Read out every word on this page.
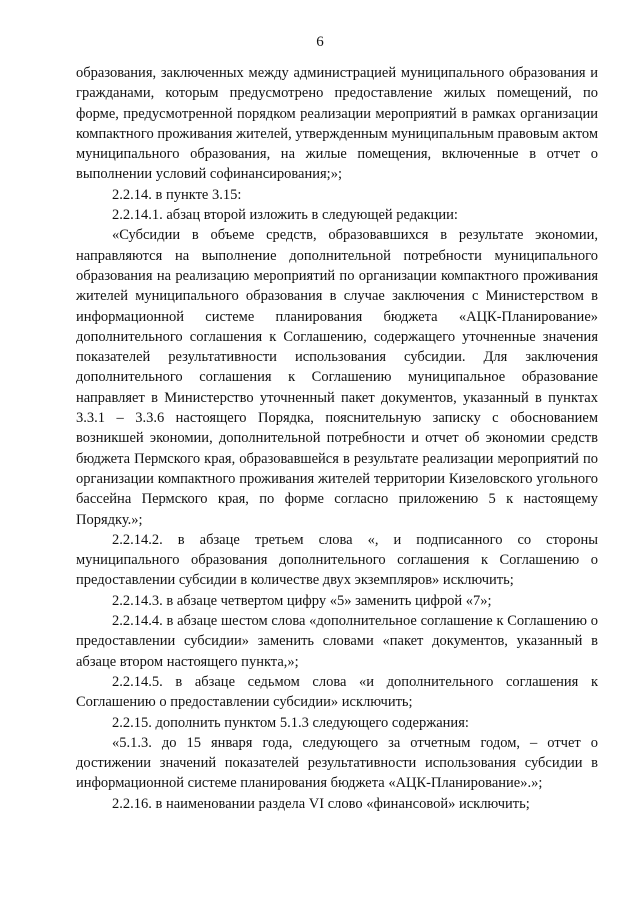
6

образования, заключенных между администрацией муниципального образования и гражданами, которым предусмотрено предоставление жилых помещений, по форме, предусмотренной порядком реализации мероприятий в рамках организации компактного проживания жителей, утвержденным муниципальным правовым актом муниципального образования, на жилые помещения, включенные в отчет о выполнении условий софинансирования;»;

2.2.14. в пункте 3.15:

2.2.14.1. абзац второй изложить в следующей редакции:

«Субсидии в объеме средств, образовавшихся в результате экономии, направляются на выполнение дополнительной потребности муниципального образования на реализацию мероприятий по организации компактного проживания жителей муниципального образования в случае заключения с Министерством в информационной системе планирования бюджета «АЦК-Планирование» дополнительного соглашения к Соглашению, содержащего уточненные значения показателей результативности использования субсидии. Для заключения дополнительного соглашения к Соглашению муниципальное образование направляет в Министерство уточненный пакет документов, указанный в пунктах 3.3.1 – 3.3.6 настоящего Порядка, пояснительную записку с обоснованием возникшей экономии, дополнительной потребности и отчет об экономии средств бюджета Пермского края, образовавшейся в результате реализации мероприятий по организации компактного проживания жителей территории Кизеловского угольного бассейна Пермского края, по форме согласно приложению 5 к настоящему Порядку.»;

2.2.14.2. в абзаце третьем слова «, и подписанного со стороны муниципального образования дополнительного соглашения к Соглашению о предоставлении субсидии в количестве двух экземпляров» исключить;

2.2.14.3. в абзаце четвертом цифру «5» заменить цифрой «7»;

2.2.14.4. в абзаце шестом слова «дополнительное соглашение к Соглашению о предоставлении субсидии» заменить словами «пакет документов, указанный в абзаце втором настоящего пункта,»;

2.2.14.5. в абзаце седьмом слова «и дополнительного соглашения к Соглашению о предоставлении субсидии» исключить;

2.2.15. дополнить пунктом 5.1.3 следующего содержания:

«5.1.3. до 15 января года, следующего за отчетным годом, – отчет о достижении значений показателей результативности использования субсидии в информационной системе планирования бюджета «АЦК-Планирование».»;

2.2.16. в наименовании раздела VI слово «финансовой» исключить;
